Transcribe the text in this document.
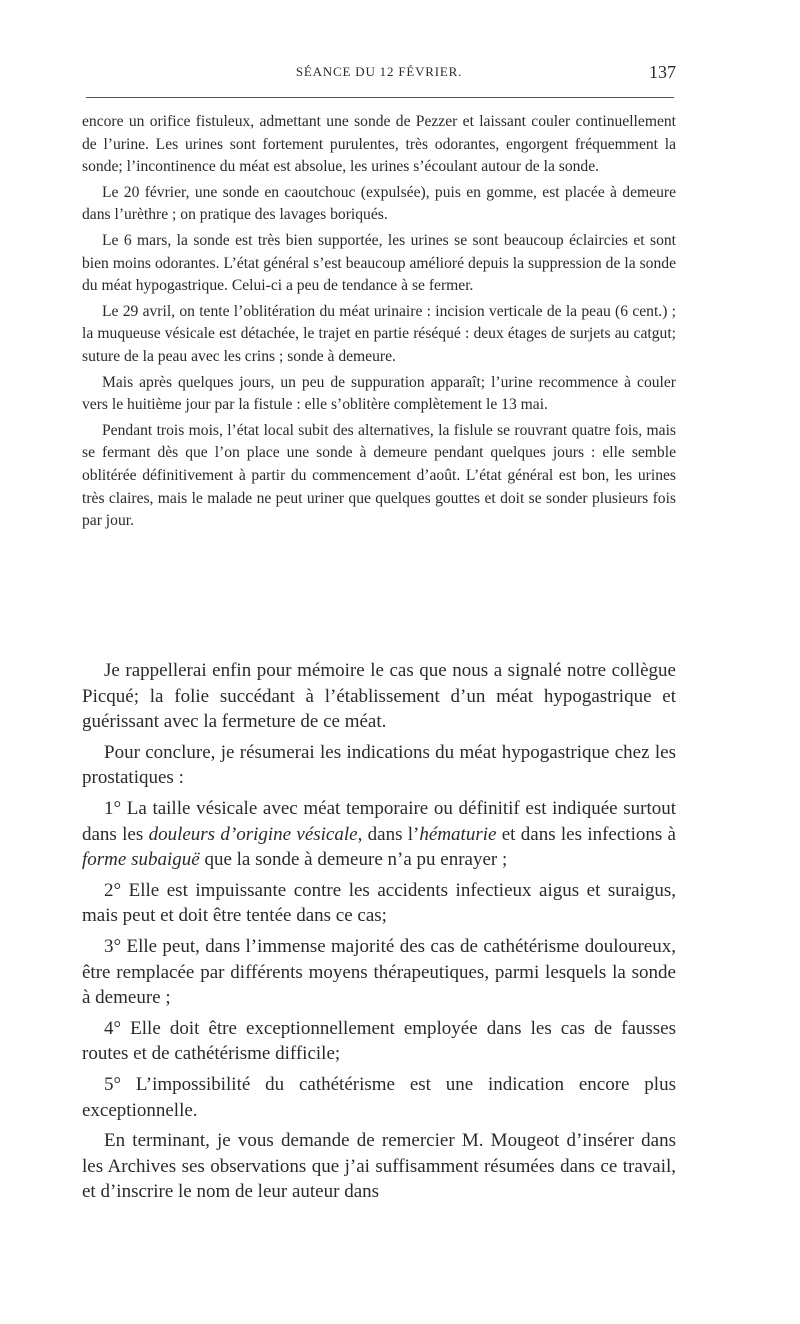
SÉANCE DU 12 FÉVRIER.	137

encore un orifice fistuleux, admettant une sonde de Pezzer et laissant couler continuellement de l’urine. Les urines sont fortement purulentes, très odorantes, engorgent fréquemment la sonde; l’incontinence du méat est absolue, les urines s’écoulant autour de la sonde.

Le 20 février, une sonde en caoutchouc (expulsée), puis en gomme, est placée à demeure dans l’urèthre ; on pratique des lavages boriqués.

Le 6 mars, la sonde est très bien supportée, les urines se sont beaucoup éclaircies et sont bien moins odorantes. L’état général s’est beaucoup amélioré depuis la suppression de la sonde du méat hypogastrique. Celui-ci a peu de tendance à se fermer.

Le 29 avril, on tente l’oblitération du méat urinaire : incision verticale de la peau (6 cent.) ; la muqueuse vésicale est détachée, le trajet en partie réséqué : deux étages de surjets au catgut; suture de la peau avec les crins ; sonde à demeure.

Mais après quelques jours, un peu de suppuration apparaît; l’urine recommence à couler vers le huitième jour par la fistule : elle s’oblitère complètement le 13 mai.

Pendant trois mois, l’état local subit des alternatives, la fislule se rouvrant quatre fois, mais se fermant dès que l’on place une sonde à demeure pendant quelques jours : elle semble oblitérée définitivement à partir du commencement d’août. L’état général est bon, les urines très claires, mais le malade ne peut uriner que quelques gouttes et doit se sonder plusieurs fois par jour.

Je rappellerai enfin pour mémoire le cas que nous a signalé notre collègue Picqué; la folie succédant à l’établissement d’un méat hypogastrique et guérissant avec la fermeture de ce méat.

Pour conclure, je résumerai les indications du méat hypogastrique chez les prostatiques :

1° La taille vésicale avec méat temporaire ou définitif est indiquée surtout dans les douleurs d’origine vésicale, dans l’hématurie et dans les infections à forme subaiguë que la sonde à demeure n’a pu enrayer ;

2° Elle est impuissante contre les accidents infectieux aigus et suraigus, mais peut et doit être tentée dans ce cas;

3° Elle peut, dans l’immense majorité des cas de cathétérisme douloureux, être remplacée par différents moyens thérapeutiques, parmi lesquels la sonde à demeure ;

4° Elle doit être exceptionnellement employée dans les cas de fausses routes et de cathétérisme difficile;

5° L’impossibilité du cathétérisme est une indication encore plus exceptionnelle.

En terminant, je vous demande de remercier M. Mougeot d’insérer dans les Archives ses observations que j’ai suffisamment résumées dans ce travail, et d’inscrire le nom de leur auteur dans
